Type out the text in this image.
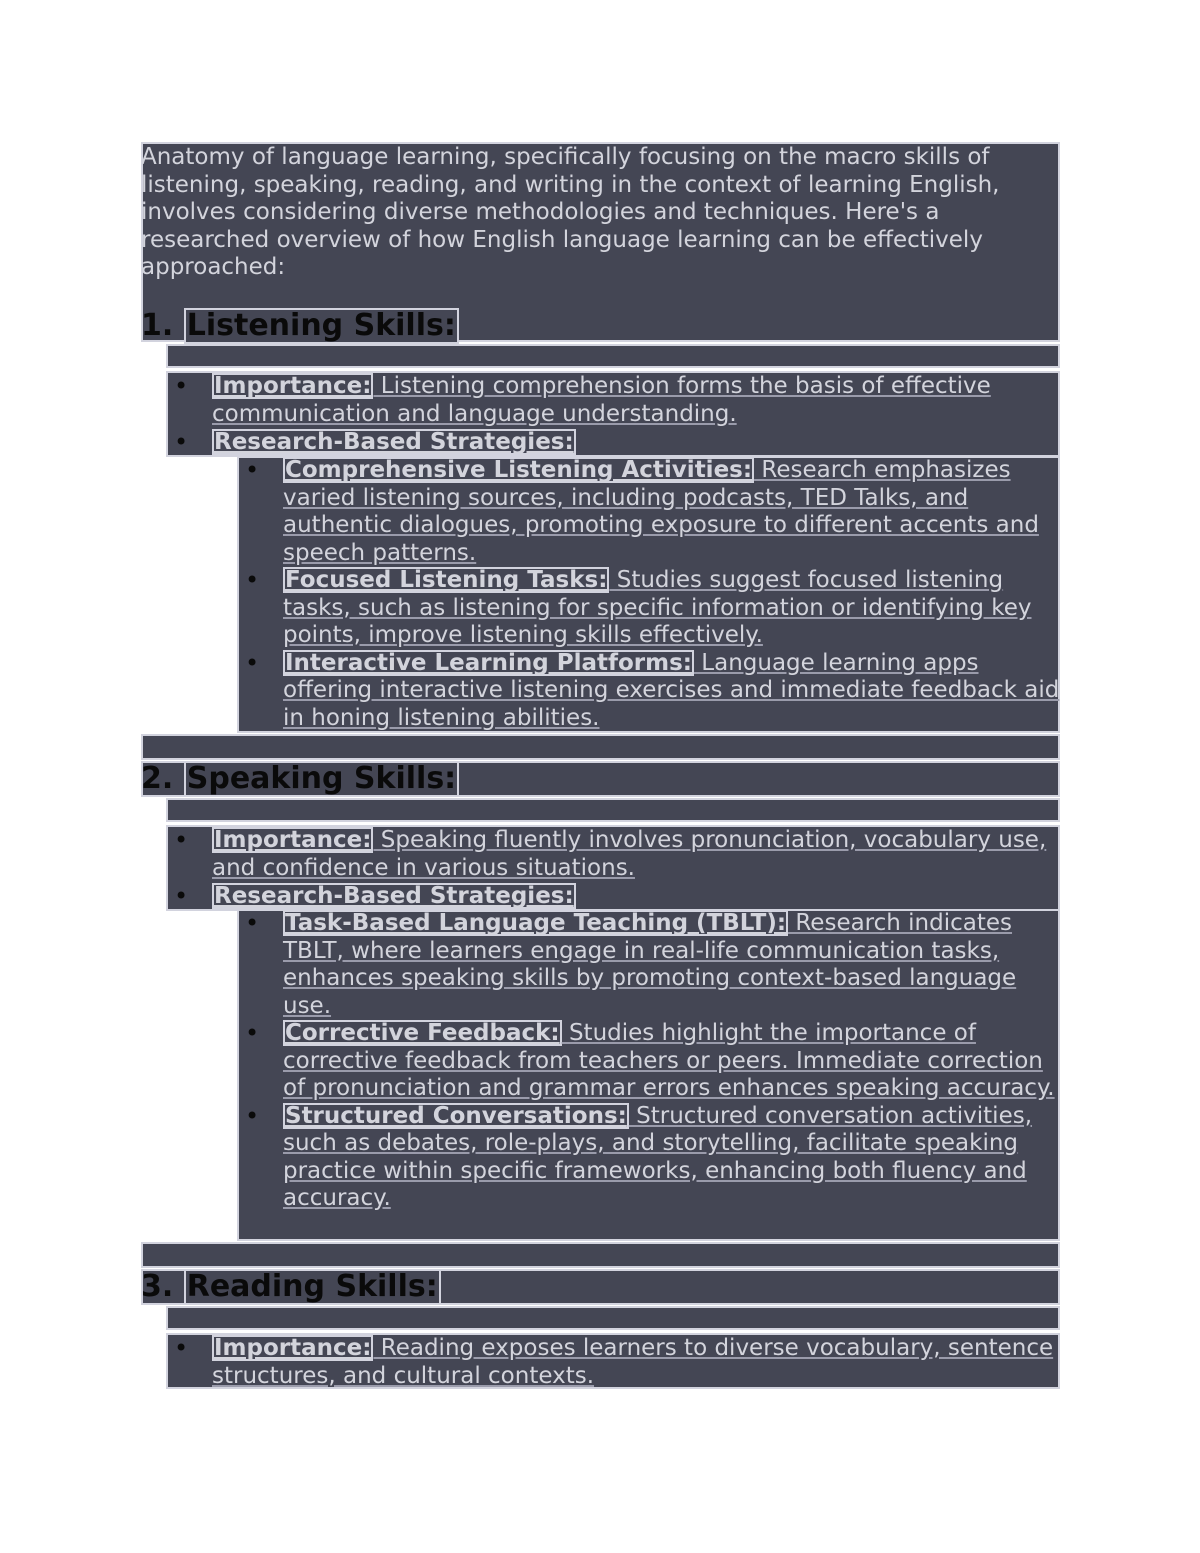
Anatomy of language learning, specifically focusing on the macro skills of listening, speaking, reading, and writing in the context of learning English, involves considering diverse methodologies and techniques. Here's a researched overview of how English language learning can be effectively approached:

1. Listening Skills:
• Importance: Listening comprehension forms the basis of effective communication and language understanding.
• Research-Based Strategies:
• Comprehensive Listening Activities: Research emphasizes varied listening sources, including podcasts, TED Talks, and authentic dialogues, promoting exposure to different accents and speech patterns.
• Focused Listening Tasks: Studies suggest focused listening tasks, such as listening for specific information or identifying key points, improve listening skills effectively.
• Interactive Learning Platforms: Language learning apps offering interactive listening exercises and immediate feedback aid in honing listening abilities.
2. Speaking Skills:
• Importance: Speaking fluently involves pronunciation, vocabulary use, and confidence in various situations.
• Research-Based Strategies:
• Task-Based Language Teaching (TBLT): Research indicates TBLT, where learners engage in real-life communication tasks, enhances speaking skills by promoting context-based language use.
• Corrective Feedback: Studies highlight the importance of corrective feedback from teachers or peers. Immediate correction of pronunciation and grammar errors enhances speaking accuracy.
• Structured Conversations: Structured conversation activities, such as debates, role-plays, and storytelling, facilitate speaking practice within specific frameworks, enhancing both fluency and accuracy.
3. Reading Skills:
• Importance: Reading exposes learners to diverse vocabulary, sentence structures, and cultural contexts.
